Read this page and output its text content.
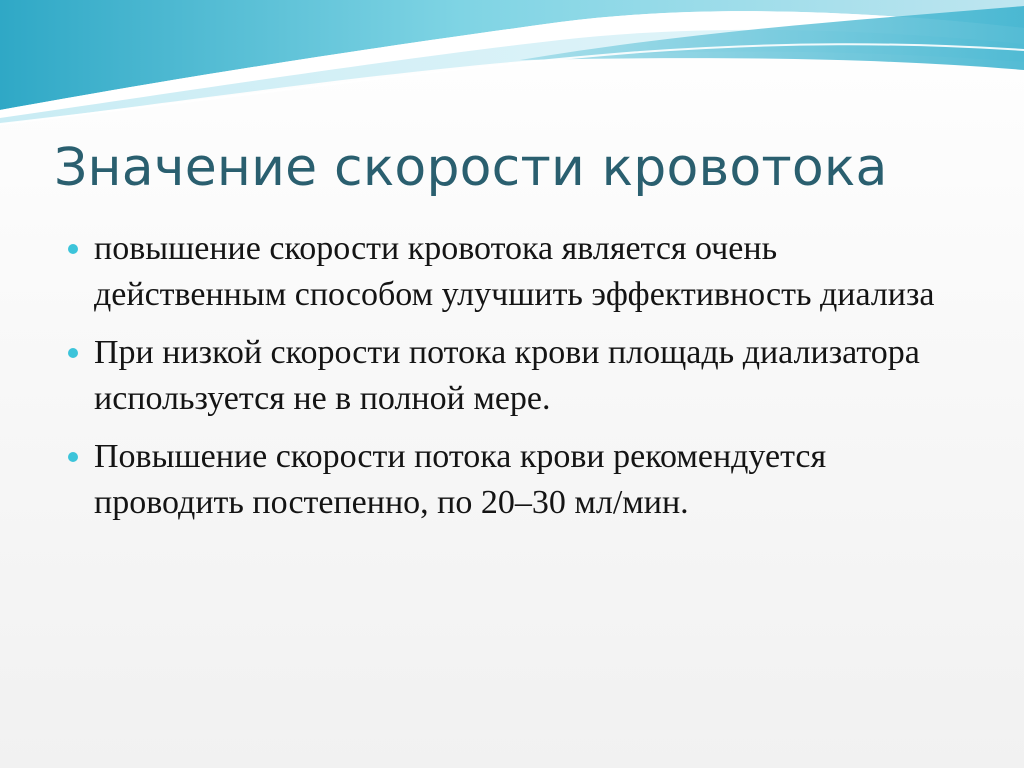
Значение скорости кровотока
повышение скорости кровотока является очень действенным способом улучшить эффективность диализа
При низкой скорости потока крови площадь диализатора используется не в полной мере.
Повышение скорости потока крови рекомендуется проводить постепенно, по 20–30 мл/мин.
